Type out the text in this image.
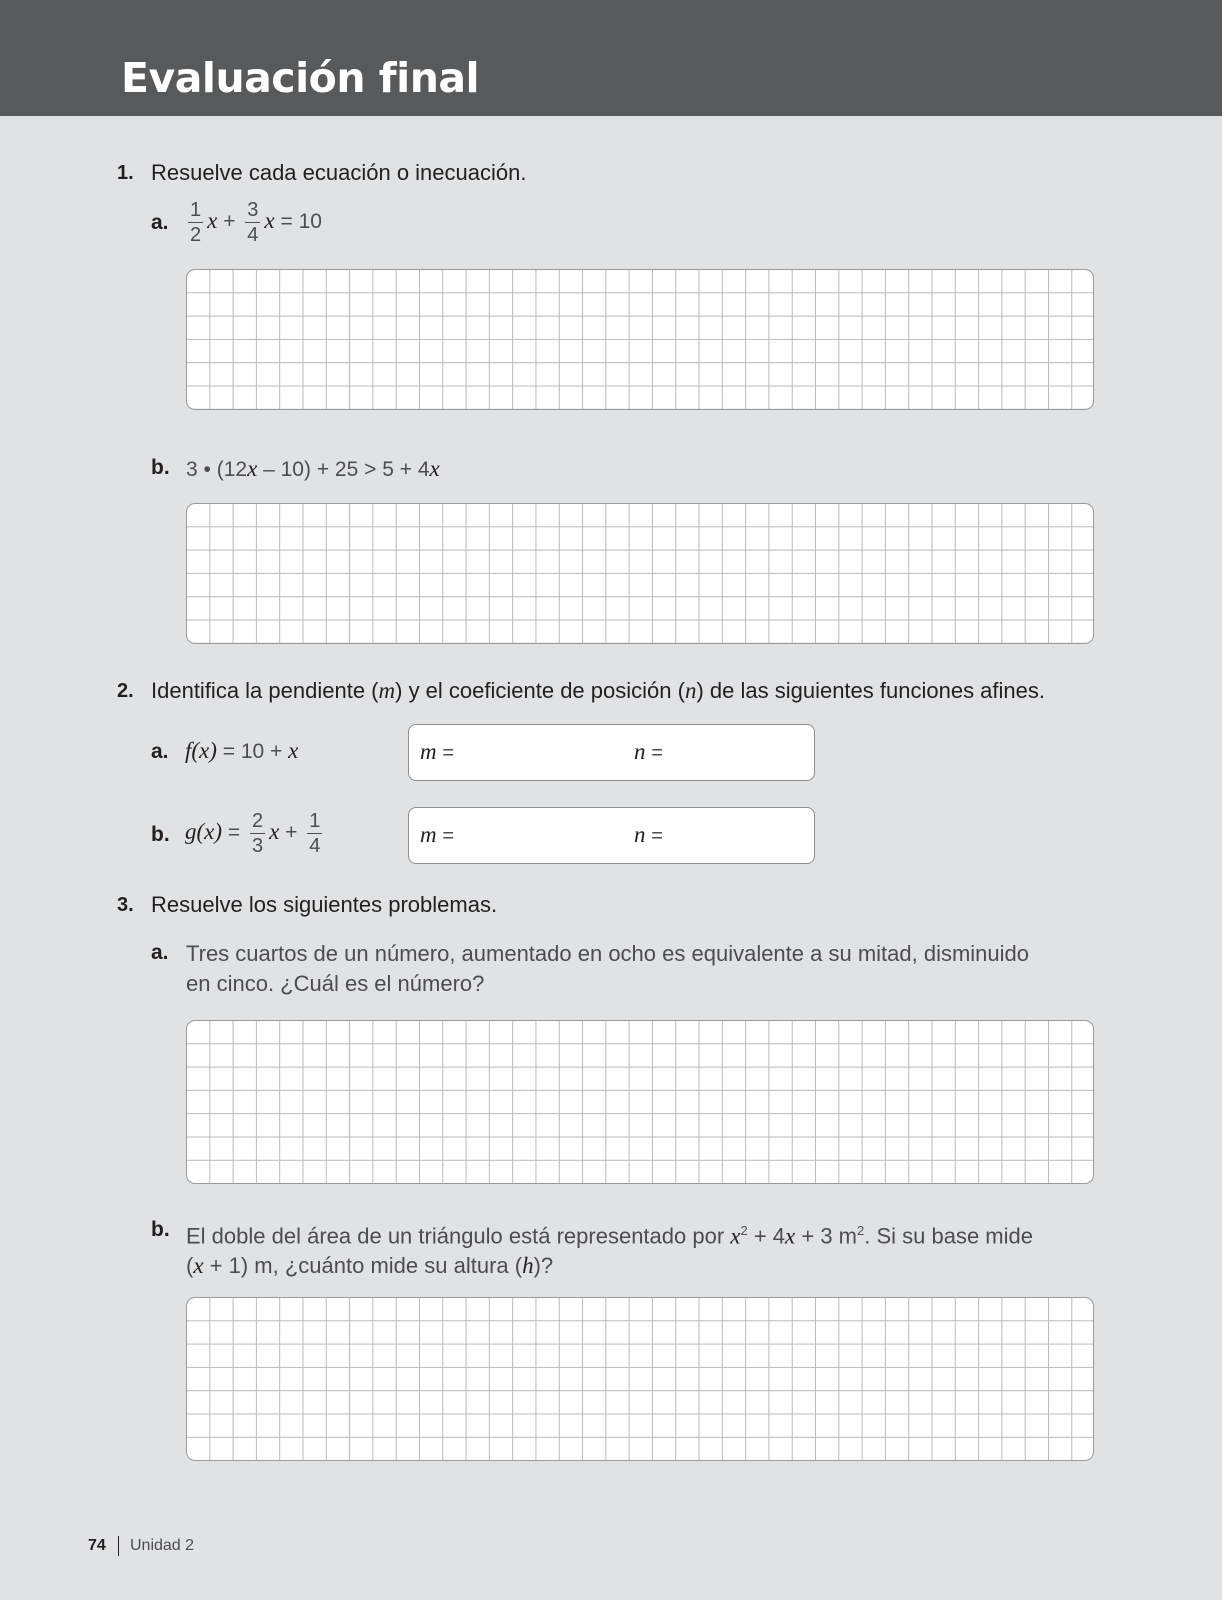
Evaluación final
1. Resuelve cada ecuación o inecuación.
a. $\frac{1}{2}$ $x + \frac{3}{4}$ x = 10
b. 3 • (12x – 10) + 25 > 5 + 4x
2. Identifica la pendiente (m) y el coeficiente de posición (n) de las siguientes funciones afines.
a. f(x) = 10 + x	m =	n =
b. $g(x) = \frac{2}{3}$ $x + \frac{1}{4}$	m =	n =
3. Resuelve los siguientes problemas.
a. Tres cuartos de un número, aumentado en ocho es equivalente a su mitad, disminuido
en cinco. ¿Cuál es el número?
b. El doble del área de un triángulo está representado por $x^2 + 4x + 3$ $m^2$. Si su base mide
(x + 1) m, ¿cuánto mide su altura (h)?
74 Unidad 2
